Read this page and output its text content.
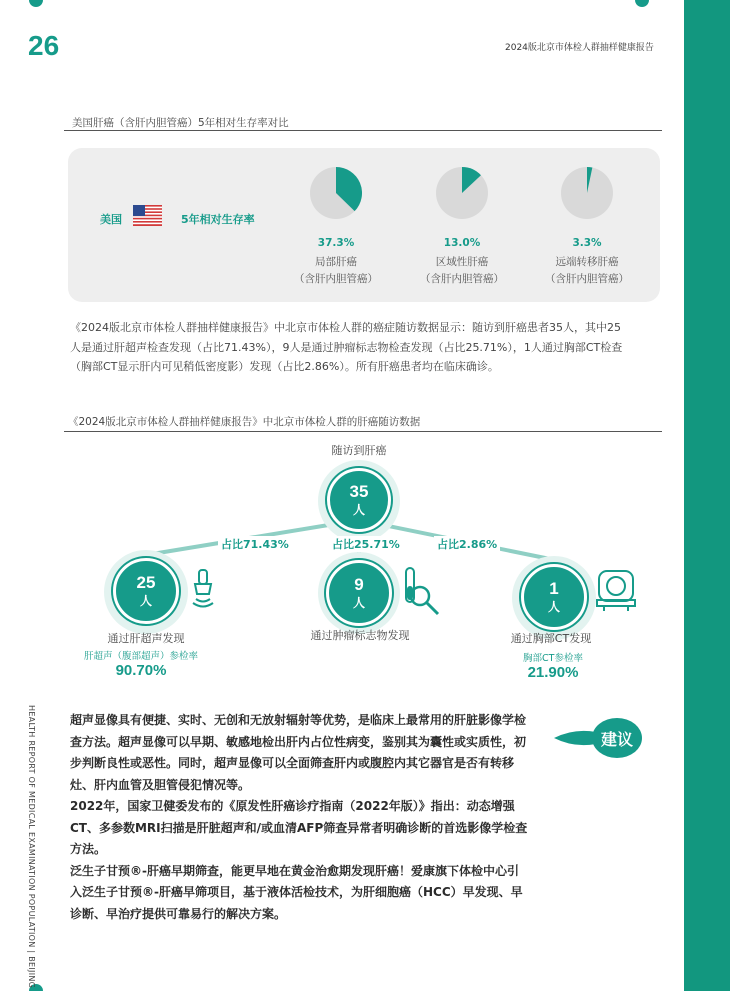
26	2024版北京市体检人群抽样健康报告
美国肝癌（含肝内胆管癌）5年相对生存率对比
美国	5年相对生存率
37.3%	13.0%	3.3%
局部肝癌
（含肝内胆管癌）
区域性肝癌
（含肝内胆管癌）
远端转移肝癌
（含肝内胆管癌）
《2024版北京市体检人群抽样健康报告》中北京市体检人群的癌症随访数据显示：随访到肝癌患者35人，其中25人是通过肝超声检查发现（占比71.43%），9人是通过肿瘤标志物检查发现（占比25.71%），1人通过胸部CT检查（胸部CT显示肝内可见稍低密度影）发现（占比2.86%）。所有肝癌患者均在临床确诊。
《2024版北京市体检人群抽样健康报告》中北京市体检人群的肝癌随访数据
随访到肝癌
35
人
占比71.43%	占比25.71%	占比2.86%
25
人
通过肝超声发现
肝超声（腹部超声）参检率
90.70%
9
人
通过肿瘤标志物发现
1
人
通过胸部CT发现
胸部CT参检率
21.90%
HEALTH REPORT OF MEDICAL EXAMINATION POPULATION | BEIJING	超声显像具有便捷、实时、无创和无放射辐射等优势，是临床上最常用的肝脏影像学检查方法。超声显像可以早期、敏感地检出肝内占位性病变，鉴别其为囊性或实质性，初步判断良性或恶性。同时，超声显像可以全面筛查肝内或腹腔内其它器官是否有转移灶、肝内血管及胆管侵犯情况等。
2022年，国家卫健委发布的《原发性肝癌诊疗指南（2022年版）》指出：动态增强CT、多参数MRI扫描是肝脏超声和/或血清AFP筛查异常者明确诊断的首选影像学检查方法。
泛生子甘预®-肝癌早期筛查，能更早地在黄金治愈期发现肝癌！爱康旗下体检中心引入泛生子甘预®-肝癌早筛项目，基于液体活检技术，为肝细胞癌（HCC）早发现、早诊断、早治疗提供可靠易行的解决方案。
建议
